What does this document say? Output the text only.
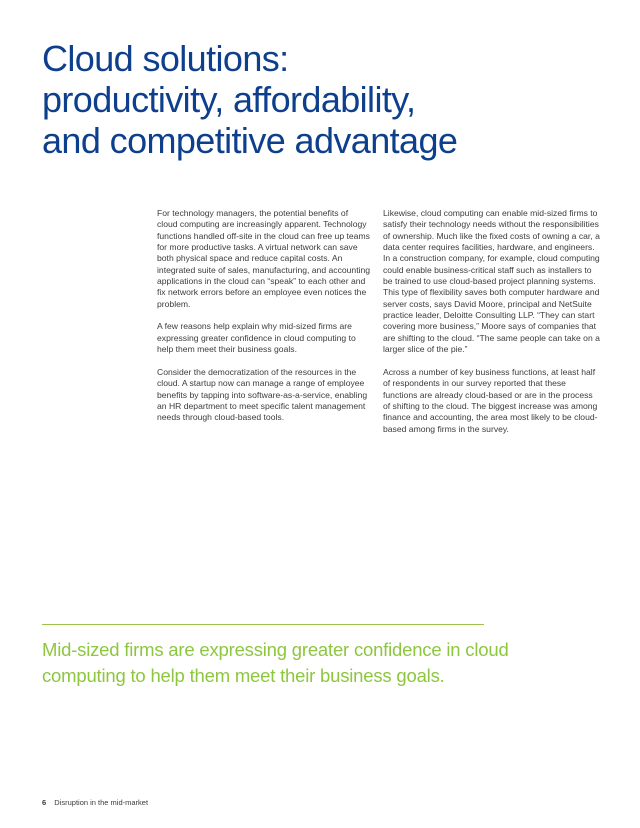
Cloud solutions:
productivity, affordability,
and competitive advantage

For technology managers, the potential benefits of cloud computing are increasingly apparent. Technology functions handled off-site in the cloud can free up teams for more productive tasks. A virtual network can save both physical space and reduce capital costs. An integrated suite of sales, manufacturing, and accounting applications in the cloud can “speak” to each other and fix network errors before an employee even notices the problem.

A few reasons help explain why mid-sized firms are expressing greater confidence in cloud computing to help them meet their business goals.

Consider the democratization of the resources in the cloud. A startup now can manage a range of employee benefits by tapping into software-as-a-service, enabling an HR department to meet specific talent management needs through cloud-based tools.

Likewise, cloud computing can enable mid-sized firms to satisfy their technology needs without the responsibilities of ownership. Much like the fixed costs of owning a car, a data center requires facilities, hardware, and engineers. In a construction company, for example, cloud computing could enable business-critical staff such as installers to be trained to use cloud-based project planning systems. This type of flexibility saves both computer hardware and server costs, says David Moore, principal and NetSuite practice leader, Deloitte Consulting LLP. “They can start covering more business,” Moore says of companies that are shifting to the cloud. “The same people can take on a larger slice of the pie.”

Across a number of key business functions, at least half of respondents in our survey reported that these functions are already cloud-based or are in the process of shifting to the cloud. The biggest increase was among finance and accounting, the area most likely to be cloud-based among firms in the survey.

Mid-sized firms are expressing greater confidence in cloud computing to help them meet their business goals.

6 Disruption in the mid-market
